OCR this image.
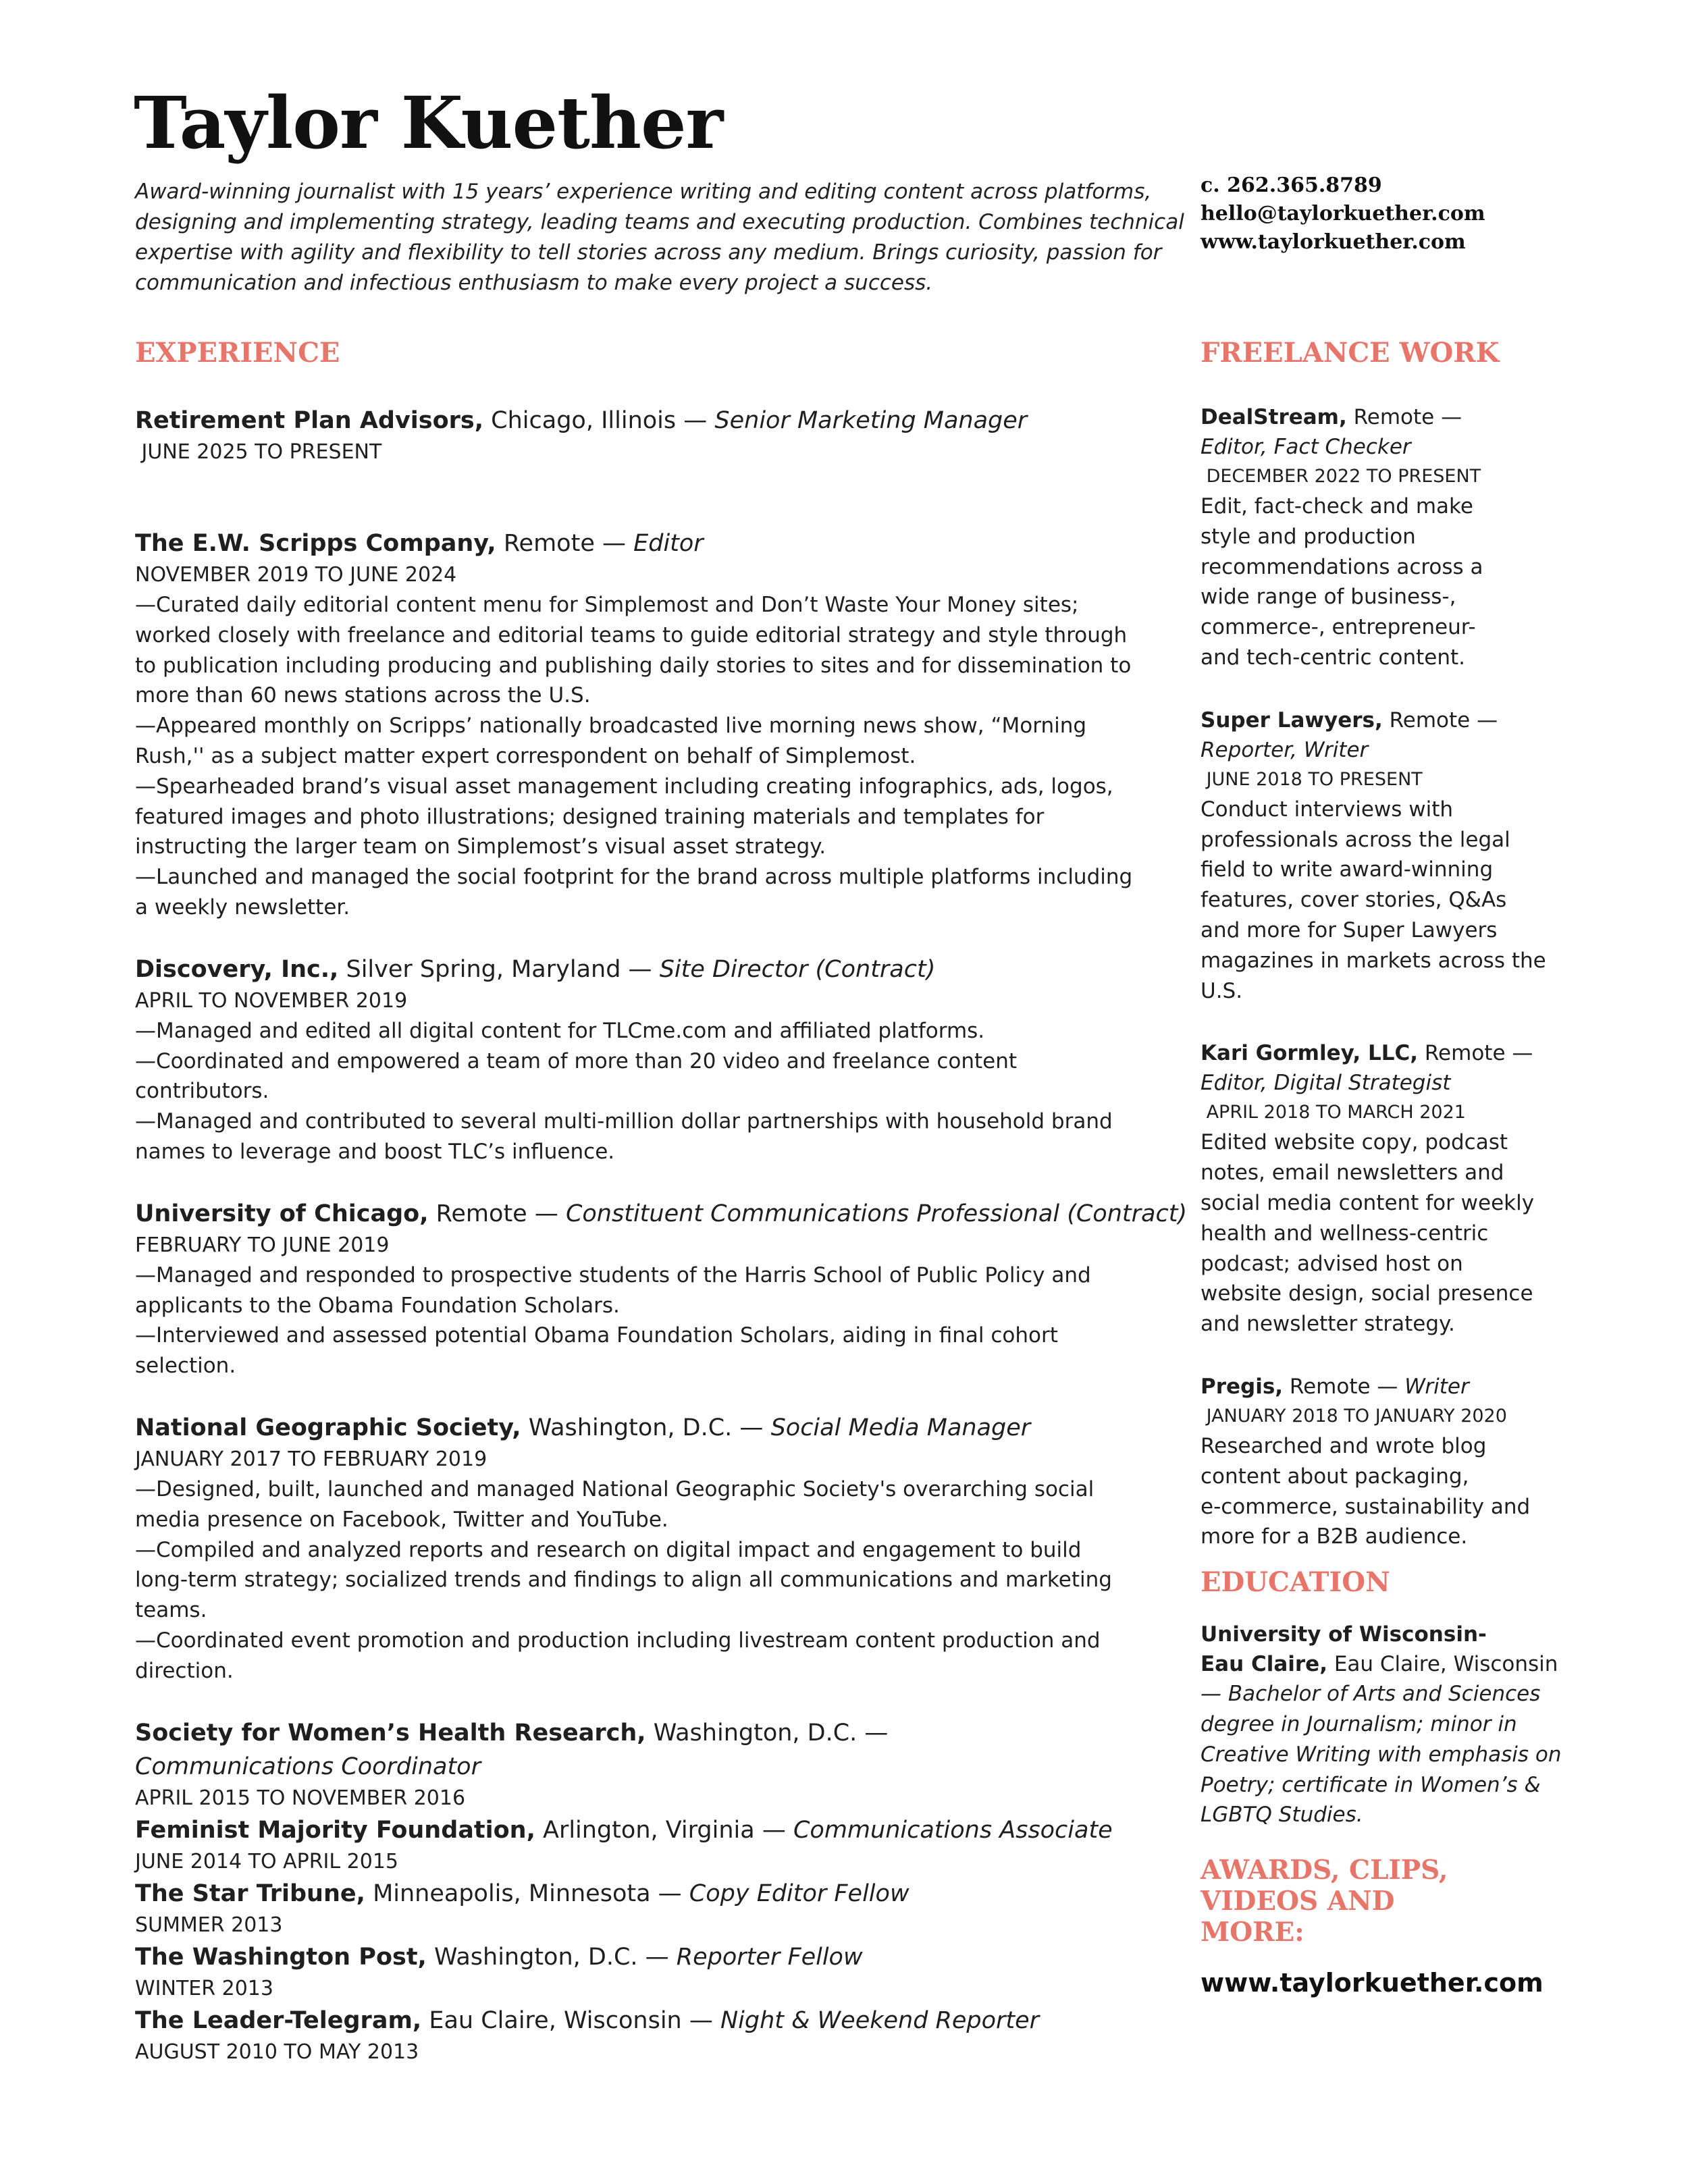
Taylor Kuether
Award-winning journalist with 15 years’ experience writing and editing content across platforms,
designing and implementing strategy, leading teams and executing production. Combines technical
expertise with agility and flexibility to tell stories across any medium. Brings curiosity, passion for
communication and infectious enthusiasm to make every project a success.
c. 262.365.8789
hello@taylorkuether.com
www.taylorkuether.com
EXPERIENCE	FREELANCE WORK
Retirement Plan Advisors, Chicago, Illinois — Senior Marketing Manager
JUNE 2025 TO PRESENT
The E.W. Scripps Company, Remote — Editor
NOVEMBER 2019 TO JUNE 2024
—Curated daily editorial content menu for Simplemost and Don’t Waste Your Money sites;
worked closely with freelance and editorial teams to guide editorial strategy and style through
to publication including producing and publishing daily stories to sites and for dissemination to
more than 60 news stations across the U.S.
—Appeared monthly on Scripps’ nationally broadcasted live morning news show, “Morning
Rush,'' as a subject matter expert correspondent on behalf of Simplemost.
—Spearheaded brand’s visual asset management including creating infographics, ads, logos,
featured images and photo illustrations; designed training materials and templates for
instructing the larger team on Simplemost’s visual asset strategy.
—Launched and managed the social footprint for the brand across multiple platforms including
a weekly newsletter.
Discovery, Inc., Silver Spring, Maryland — Site Director (Contract)
APRIL TO NOVEMBER 2019
—Managed and edited all digital content for TLCme.com and affiliated platforms.
—Coordinated and empowered a team of more than 20 video and freelance content
contributors.
—Managed and contributed to several multi-million dollar partnerships with household brand
names to leverage and boost TLC’s influence.
University of Chicago, Remote — Constituent Communications Professional (Contract)
FEBRUARY TO JUNE 2019
—Managed and responded to prospective students of the Harris School of Public Policy and
applicants to the Obama Foundation Scholars.
—Interviewed and assessed potential Obama Foundation Scholars, aiding in final cohort
selection.
National Geographic Society, Washington, D.C. — Social Media Manager
JANUARY 2017 TO FEBRUARY 2019
—Designed, built, launched and managed National Geographic Society's overarching social
media presence on Facebook, Twitter and YouTube.
—Compiled and analyzed reports and research on digital impact and engagement to build
long-term strategy; socialized trends and findings to align all communications and marketing
teams.
—Coordinated event promotion and production including livestream content production and
direction.
Society for Women’s Health Research, Washington, D.C. — Communications Coordinator
APRIL 2015 TO NOVEMBER 2016
Feminist Majority Foundation, Arlington, Virginia — Communications Associate
JUNE 2014 TO APRIL 2015
The Star Tribune, Minneapolis, Minnesota — Copy Editor Fellow
SUMMER 2013
The Washington Post, Washington, D.C. — Reporter Fellow
WINTER 2013
The Leader-Telegram, Eau Claire, Wisconsin — Night & Weekend Reporter
AUGUST 2010 TO MAY 2013
DealStream, Remote —
Editor, Fact Checker
DECEMBER 2022 TO PRESENT
Edit, fact-check and make
style and production
recommendations across a
wide range of business-,
commerce-, entrepreneur-
and tech-centric content.
Super Lawyers, Remote —
Reporter, Writer
JUNE 2018 TO PRESENT
Conduct interviews with
professionals across the legal
field to write award-winning
features, cover stories, Q&As
and more for Super Lawyers
magazines in markets across the
U.S.
Kari Gormley, LLC, Remote —
Editor, Digital Strategist
APRIL 2018 TO MARCH 2021
Edited website copy, podcast
notes, email newsletters and
social media content for weekly
health and wellness-centric
podcast; advised host on
website design, social presence
and newsletter strategy.
Pregis, Remote — Writer
JANUARY 2018 TO JANUARY 2020
Researched and wrote blog
content about packaging,
e-commerce, sustainability and
more for a B2B audience.
EDUCATION
University of Wisconsin-
Eau Claire, Eau Claire, Wisconsin
— Bachelor of Arts and Sciences
degree in Journalism; minor in
Creative Writing with emphasis on
Poetry; certificate in Women’s &
LGBTQ Studies.
AWARDS, CLIPS,
VIDEOS AND
MORE:
www.taylorkuether.com
